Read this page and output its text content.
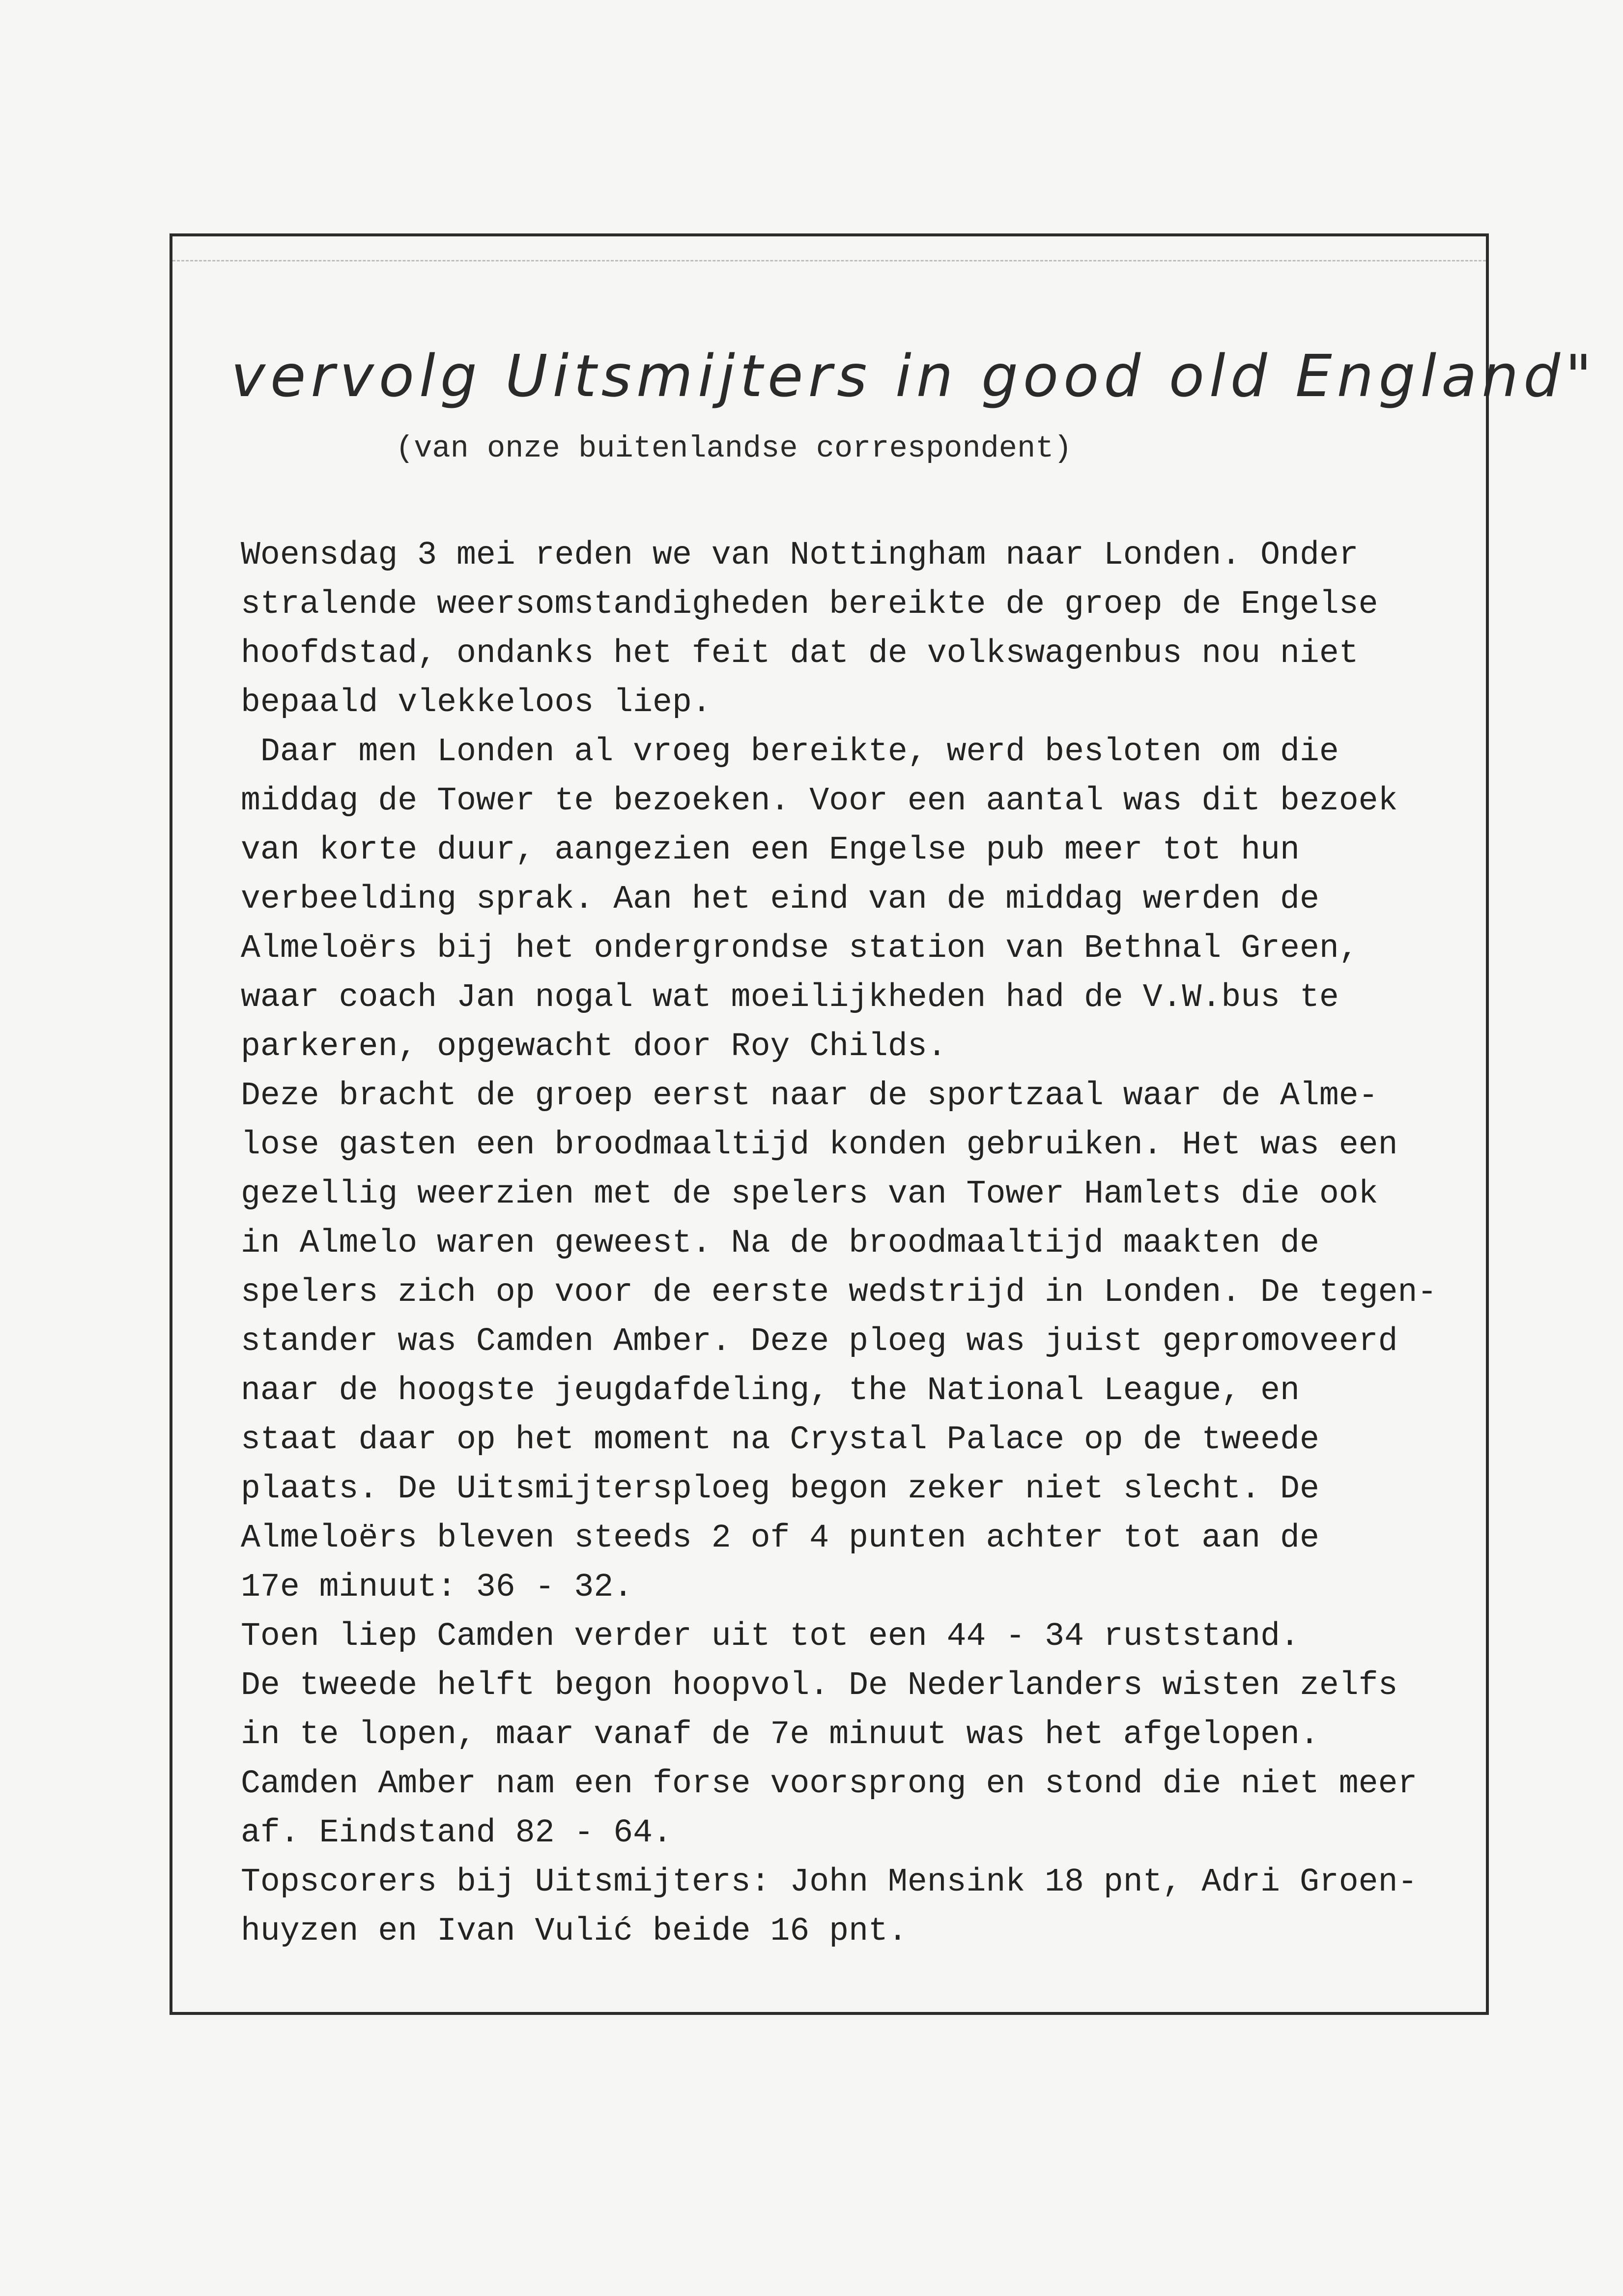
vervolg Uitsmijters in good old England"
(van onze buitenlandse correspondent)
Woensdag 3 mei reden we van Nottingham naar Londen. Onder
stralende weersomstandigheden bereikte de groep de Engelse
hoofdstad, ondanks het feit dat de volkswagenbus nou niet
bepaald vlekkeloos liep.
Daar men Londen al vroeg bereikte, werd besloten om die
middag de Tower te bezoeken. Voor een aantal was dit bezoek
van korte duur, aangezien een Engelse pub meer tot hun
verbeelding sprak. Aan het eind van de middag werden de
Almeloërs bij het ondergrondse station van Bethnal Green,
waar coach Jan nogal wat moeilijkheden had de V.W.bus te
parkeren, opgewacht door Roy Childs.
Deze bracht de groep eerst naar de sportzaal waar de Alme-
lose gasten een broodmaaltijd konden gebruiken. Het was een
gezellig weerzien met de spelers van Tower Hamlets die ook
in Almelo waren geweest. Na de broodmaaltijd maakten de
spelers zich op voor de eerste wedstrijd in Londen. De tegen-
stander was Camden Amber. Deze ploeg was juist gepromoveerd
naar de hoogste jeugdafdeling, the National League, en
staat daar op het moment na Crystal Palace op de tweede
plaats. De Uitsmijtersploeg begon zeker niet slecht. De
Almeloërs bleven steeds 2 of 4 punten achter tot aan de
17e minuut: 36 - 32.
Toen liep Camden verder uit tot een 44 - 34 ruststand.
De tweede helft begon hoopvol. De Nederlanders wisten zelfs
in te lopen, maar vanaf de 7e minuut was het afgelopen.
Camden Amber nam een forse voorsprong en stond die niet meer
af. Eindstand 82 - 64.
Topscorers bij Uitsmijters: John Mensink 18 pnt, Adri Groen-
huyzen en Ivan Vulić beide 16 pnt.
